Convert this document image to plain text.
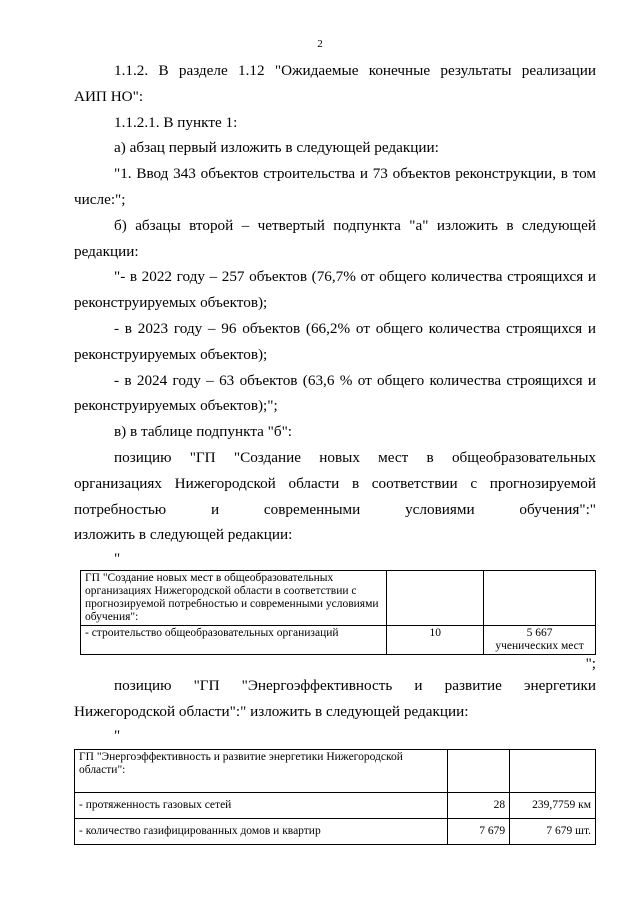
2

1.1.2. В разделе 1.12 "Ожидаемые конечные результаты реализации

АИП НО":

1.1.2.1. В пункте 1:

а) абзац первый изложить в следующей редакции:

"1. Ввод 343 объектов строительства и 73 объектов реконструкции, в том числе:";

б) абзацы второй – четвертый подпункта "а" изложить в следующей редакции:

"- в 2022 году – 257 объектов (76,7% от общего количества строящихся и реконструируемых объектов);

- в 2023 году – 96 объектов (66,2% от общего количества строящихся и реконструируемых объектов);

- в 2024 году – 63 объектов (63,6 % от общего количества строящихся и реконструируемых объектов);";

в) в таблице подпункта "б":

позицию "ГП "Создание новых мест в общеобразовательных организациях Нижегородской области в соответствии с прогнозируемой потребностью и современными условиями обучения":"

изложить в следующей редакции:

"

ГП "Создание новых мест в общеобразовательных организациях Нижегородской области в соответствии с прогнозируемой потребностью и современными условиями обучения":		
- строительство общеобразовательных организаций	10	5 667
ученических мест

";

позицию "ГП "Энергоэффективность и развитие энергетики Нижегородской области":" изложить в следующей редакции:

"

ГП "Энергоэффективность и развитие энергетики Нижегородской области":		
- протяженность газовых сетей	28	239,7759 км
- количество газифицированных домов и квартир	7 679	7 679 шт.
